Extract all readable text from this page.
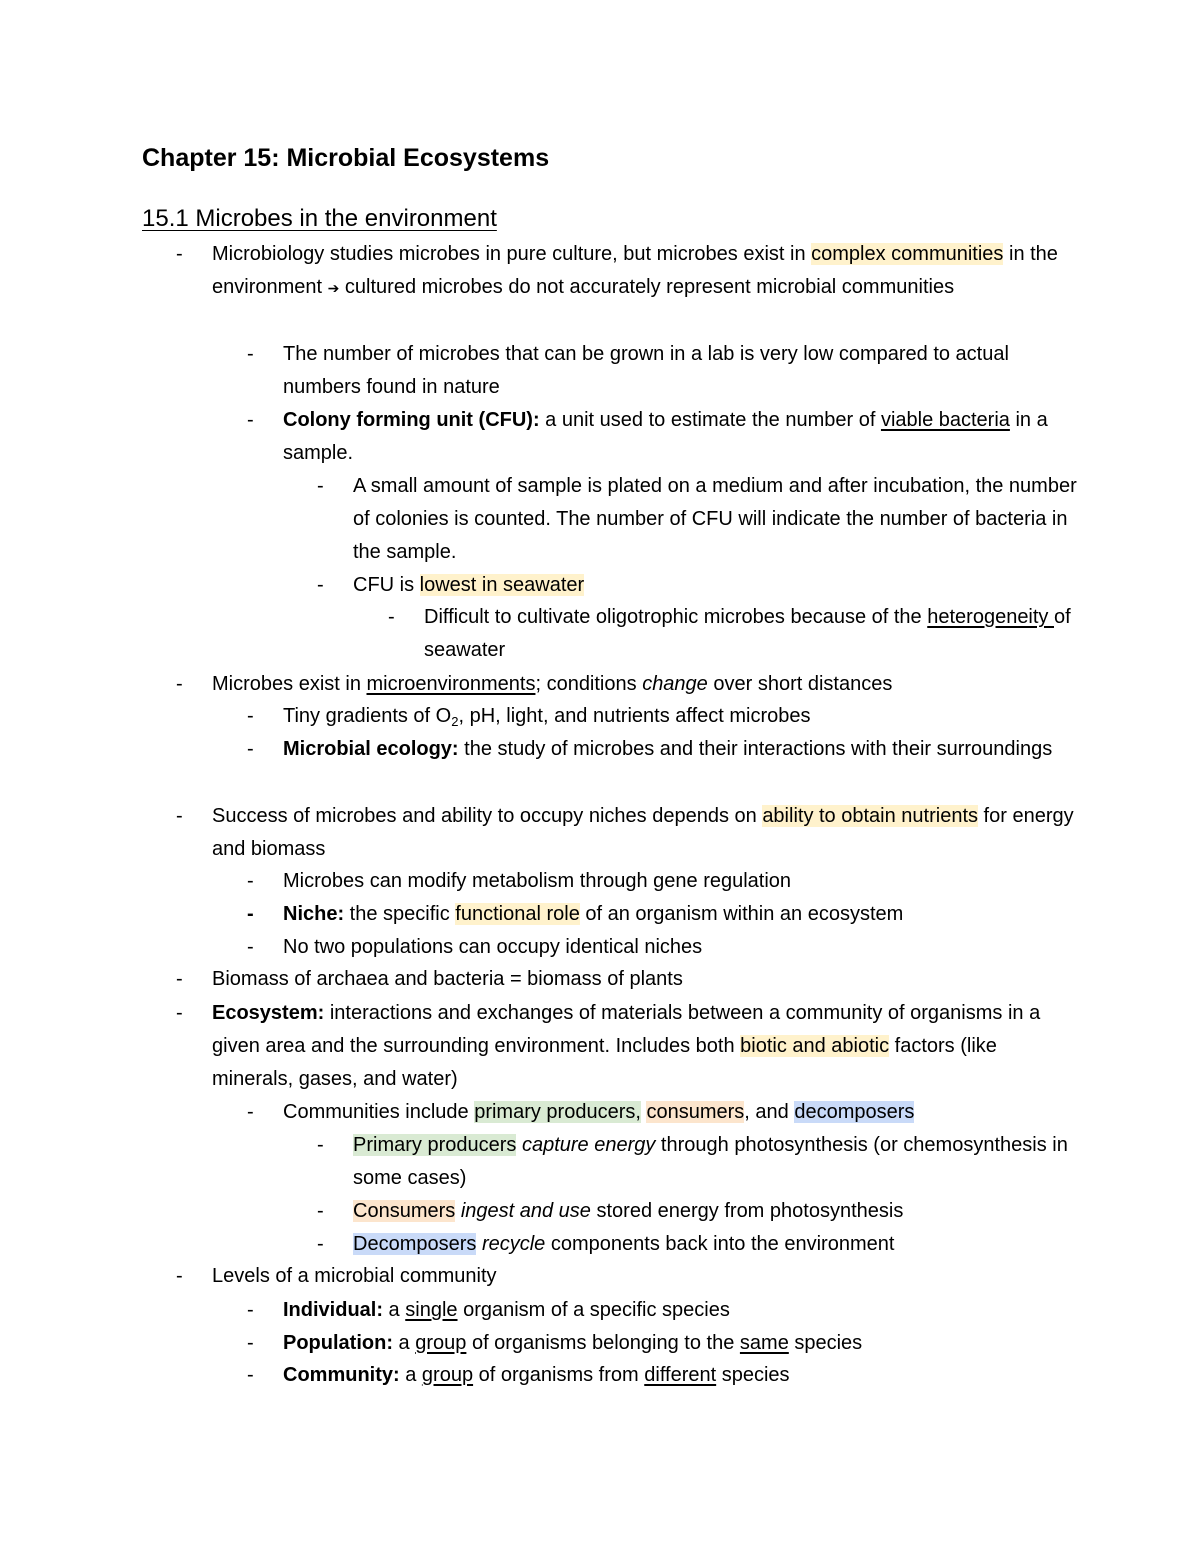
Chapter 15: Microbial Ecosystems
15.1 Microbes in the environment
- Microbiology studies microbes in pure culture, but microbes exist in complex communities in the environment ➔ cultured microbes do not accurately represent microbial communities
- The number of microbes that can be grown in a lab is very low compared to actual numbers found in nature
- Colony forming unit (CFU): a unit used to estimate the number of viable bacteria in a sample.
- A small amount of sample is plated on a medium and after incubation, the number of colonies is counted. The number of CFU will indicate the number of bacteria in the sample.
- CFU is lowest in seawater
- Difficult to cultivate oligotrophic microbes because of the heterogeneity of seawater
- Microbes exist in microenvironments; conditions change over short distances
- Tiny gradients of $O_2$, pH, light, and nutrients affect microbes
- Microbial ecology: the study of microbes and their interactions with their surroundings
- Success of microbes and ability to occupy niches depends on ability to obtain nutrients for energy and biomass
- Microbes can modify metabolism through gene regulation
- Niche: the specific functional role of an organism within an ecosystem
- No two populations can occupy identical niches
- Biomass of archaea and bacteria = biomass of plants
- Ecosystem: interactions and exchanges of materials between a community of organisms in a given area and the surrounding environment. Includes both biotic and abiotic factors (like minerals, gases, and water)
- Communities include primary producers, consumers, and decomposers
- Primary producers capture energy through photosynthesis (or chemosynthesis in some cases)
- Consumers ingest and use stored energy from photosynthesis
- Decomposers recycle components back into the environment
- Levels of a microbial community
- Individual: a single organism of a specific species
- Population: a group of organisms belonging to the same species
- Community: a group of organisms from different species
